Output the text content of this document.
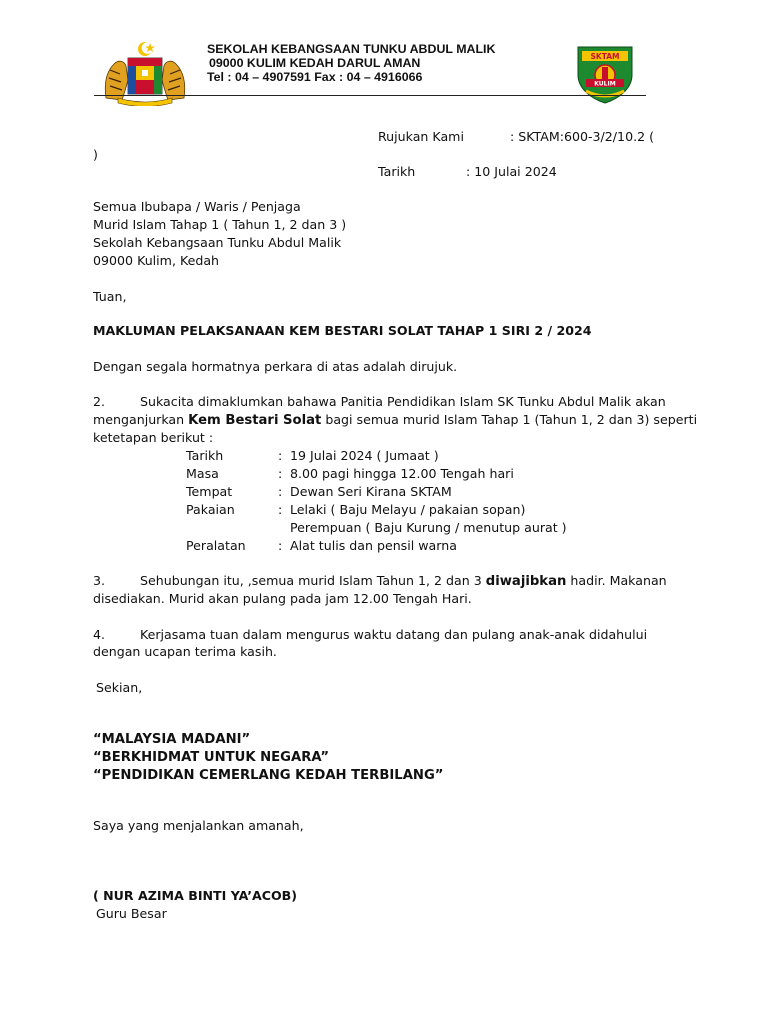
SEKOLAH KEBANGSAAN TUNKU ABDUL MALIK
09000 KULIM KEDAH DARUL AMAN
Tel : 04 – 4907591 Fax : 04 – 4916066
SKTAM
KULIM
Rujukan Kami	: SKTAM:600-3/2/10.2 (
)
Tarikh	: 10 Julai 2024
Semua Ibubapa / Waris / Penjaga
Murid Islam Tahap 1 ( Tahun 1, 2 dan 3 )
Sekolah Kebangsaan Tunku Abdul Malik
09000 Kulim, Kedah
Tuan,
MAKLUMAN PELAKSANAAN KEM BESTARI SOLAT TAHAP 1 SIRI 2 / 2024
Dengan segala hormatnya perkara di atas adalah dirujuk.
2.	Sukacita dimaklumkan bahawa Panitia Pendidikan Islam SK Tunku Abdul Malik akan
menganjurkan Kem Bestari Solat bagi semua murid Islam Tahap 1 (Tahun 1, 2 dan 3) seperti
ketetapan berikut :
Tarikh	: 19 Julai 2024 ( Jumaat )
Masa	: 8.00 pagi hingga 12.00 Tengah hari
Tempat	: Dewan Seri Kirana SKTAM
Pakaian	: Lelaki ( Baju Melayu / pakaian sopan)
Perempuan ( Baju Kurung / menutup aurat )
Peralatan	: Alat tulis dan pensil warna
3.	Sehubungan itu, ,semua murid Islam Tahun 1, 2 dan 3 diwajibkan hadir. Makanan
disediakan. Murid akan pulang pada jam 12.00 Tengah Hari.
4.	Kerjasama tuan dalam mengurus waktu datang dan pulang anak-anak didahului
dengan ucapan terima kasih.
Sekian,
“MALAYSIA MADANI”
“BERKHIDMAT UNTUK NEGARA”
“PENDIDIKAN CEMERLANG KEDAH TERBILANG”
Saya yang menjalankan amanah,
( NUR AZIMA BINTI YA’ACOB)
Guru Besar
